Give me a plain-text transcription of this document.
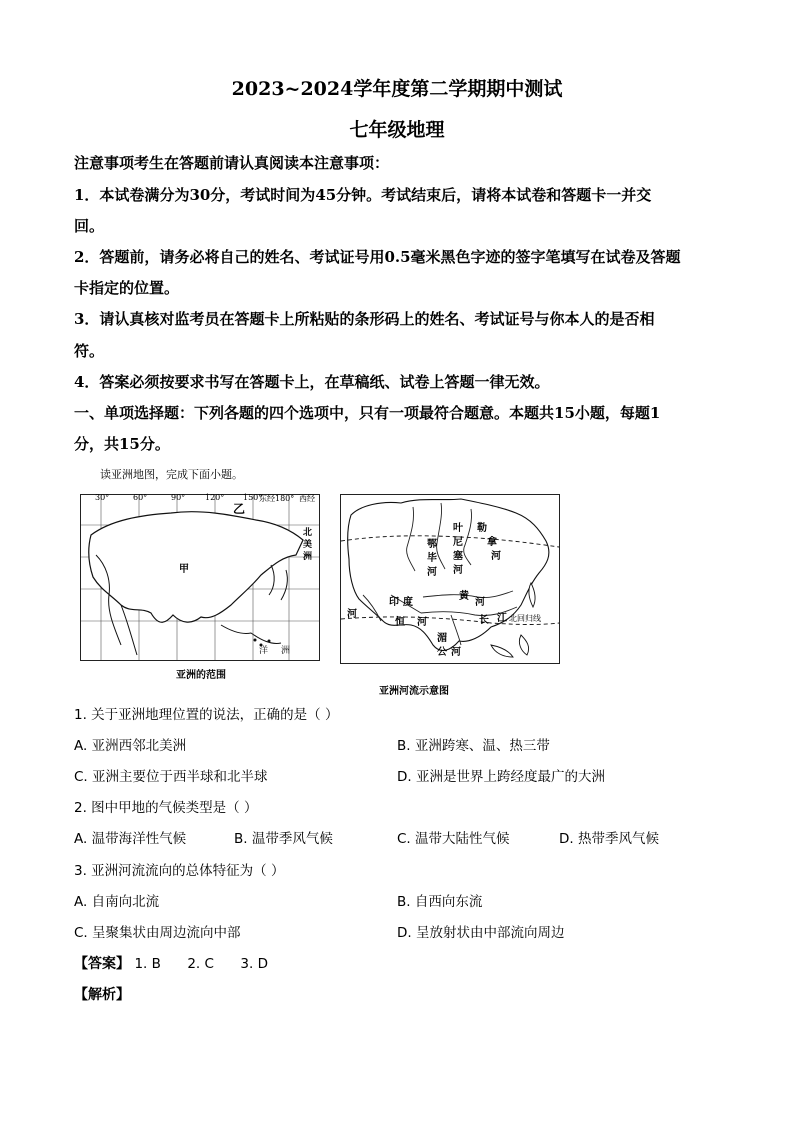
2023~2024学年度第二学期期中测试
七年级地理
注意事项考生在答题前请认真阅读本注意事项：
1．本试卷满分为30分，考试时间为45分钟。考试结束后，请将本试卷和答题卡一并交
回。
2．答题前，请务必将自己的姓名、考试证号用0.5毫米黑色字迹的签字笔填写在试卷及答题
卡指定的位置。
3．请认真核对监考员在答题卡上所粘贴的条形码上的姓名、考试证号与你本人的是否相
符。
4．答案必须按要求书写在答题卡上，在草稿纸、试卷上答题一律无效。
一、单项选择题：下列各题的四个选项中，只有一项最符合题意。本题共15小题，每题1
分，共15分。
读亚洲地图，完成下面小题。
30°	60°	90° 120° 150°
东经180° 西经
甲
乙
北
美
洲
洋 洲
亚洲的范围
鄂
毕
河
叶
尼
塞
河
勒
拿
河
黄
河
长 江
印 度
河
恒 河
湄
公 河
北回归线
亚洲河流示意图
1. 关于亚洲地理位置的说法，正确的是（ ）
A. 亚洲西邻北美洲	B. 亚洲跨寒、温、热三带
C. 亚洲主要位于西半球和北半球	D. 亚洲是世界上跨经度最广的大洲
2. 图中甲地的气候类型是（ ）
A. 温带海洋性气候	B. 温带季风气候	C. 温带大陆性气候	D. 热带季风气候
3. 亚洲河流流向的总体特征为（ ）
A. 自南向北流	B. 自西向东流
C. 呈聚集状由周边流向中部	D. 呈放射状由中部流向周边
【答案】 1. B 2. C 3. D
【解析】
